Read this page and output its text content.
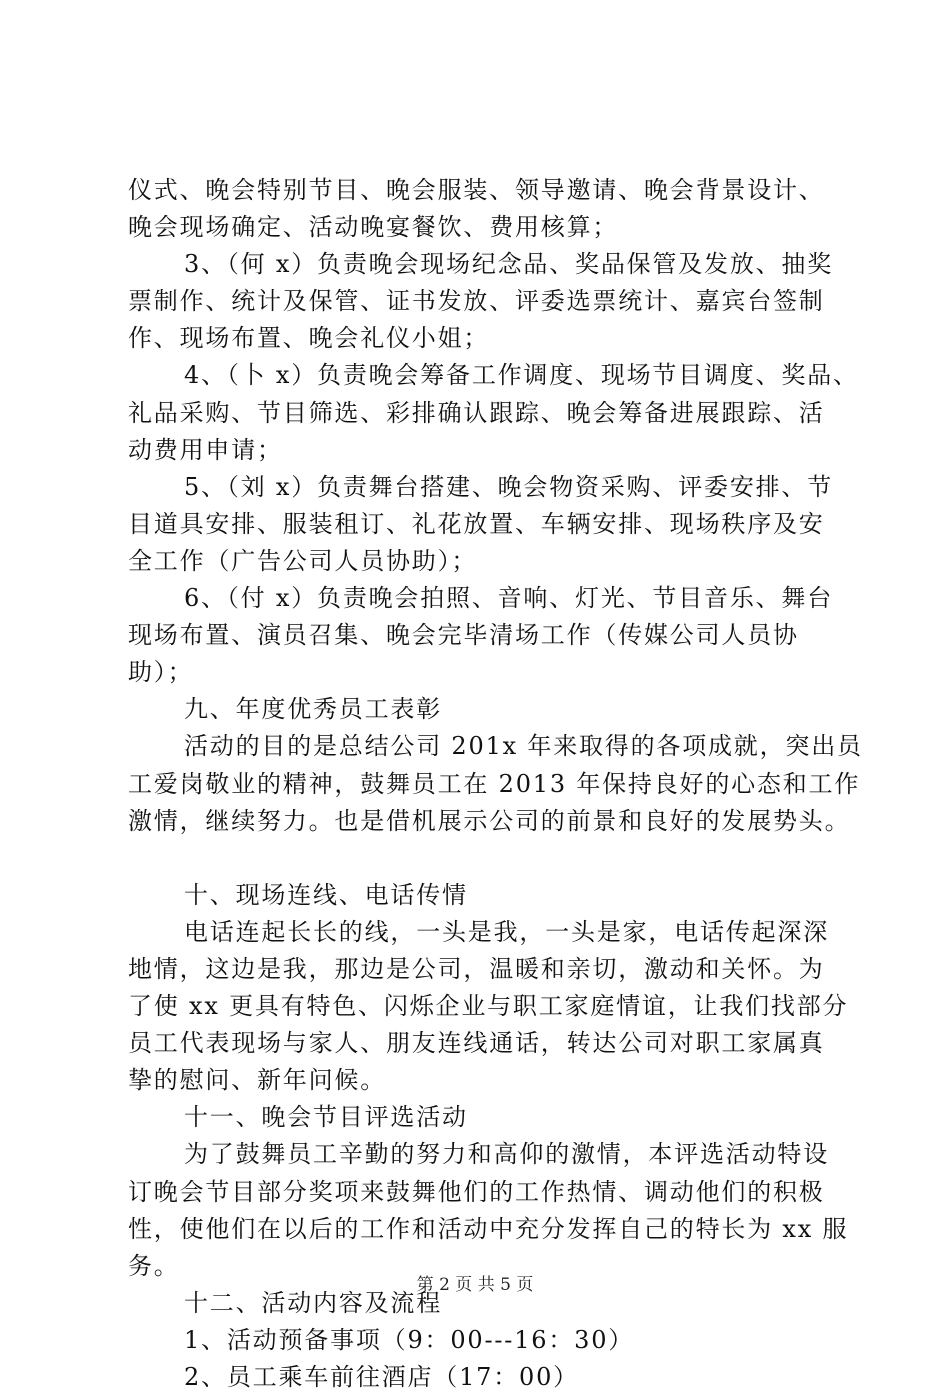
仪式、晚会特别节目、晚会服装、领导邀请、晚会背景设计、
晚会现场确定、活动晚宴餐饮、费用核算；
3、（何 x）负责晚会现场纪念品、奖品保管及发放、抽奖
票制作、统计及保管、证书发放、评委选票统计、嘉宾台签制
作、现场布置、晚会礼仪小姐；
4、（卜 x）负责晚会筹备工作调度、现场节目调度、奖品、
礼品采购、节目筛选、彩排确认跟踪、晚会筹备进展跟踪、活
动费用申请；
5、（刘 x）负责舞台搭建、晚会物资采购、评委安排、节
目道具安排、服装租订、礼花放置、车辆安排、现场秩序及安
全工作（广告公司人员协助）；
6、（付 x）负责晚会拍照、音响、灯光、节目音乐、舞台
现场布置、演员召集、晚会完毕清场工作（传媒公司人员协
助）；
九、年度优秀员工表彰
活动的目的是总结公司 201x 年来取得的各项成就，突出员
工爱岗敬业的精神，鼓舞员工在 2013 年保持良好的心态和工作
激情，继续努力。也是借机展示公司的前景和良好的发展势头。
十、现场连线、电话传情
电话连起长长的线，一头是我，一头是家，电话传起深深
地情，这边是我，那边是公司，温暖和亲切，激动和关怀。为
了使 xx 更具有特色、闪烁企业与职工家庭情谊，让我们找部分
员工代表现场与家人、朋友连线通话，转达公司对职工家属真
挚的慰问、新年问候。
十一、晚会节目评选活动
为了鼓舞员工辛勤的努力和高仰的激情，本评选活动特设
订晚会节目部分奖项来鼓舞他们的工作热情、调动他们的积极
性，使他们在以后的工作和活动中充分发挥自己的特长为 xx 服
务。
十二、活动内容及流程
1、活动预备事项（9：00---16：30）
2、员工乘车前往酒店（17：00）
第 2 页 共 5 页
